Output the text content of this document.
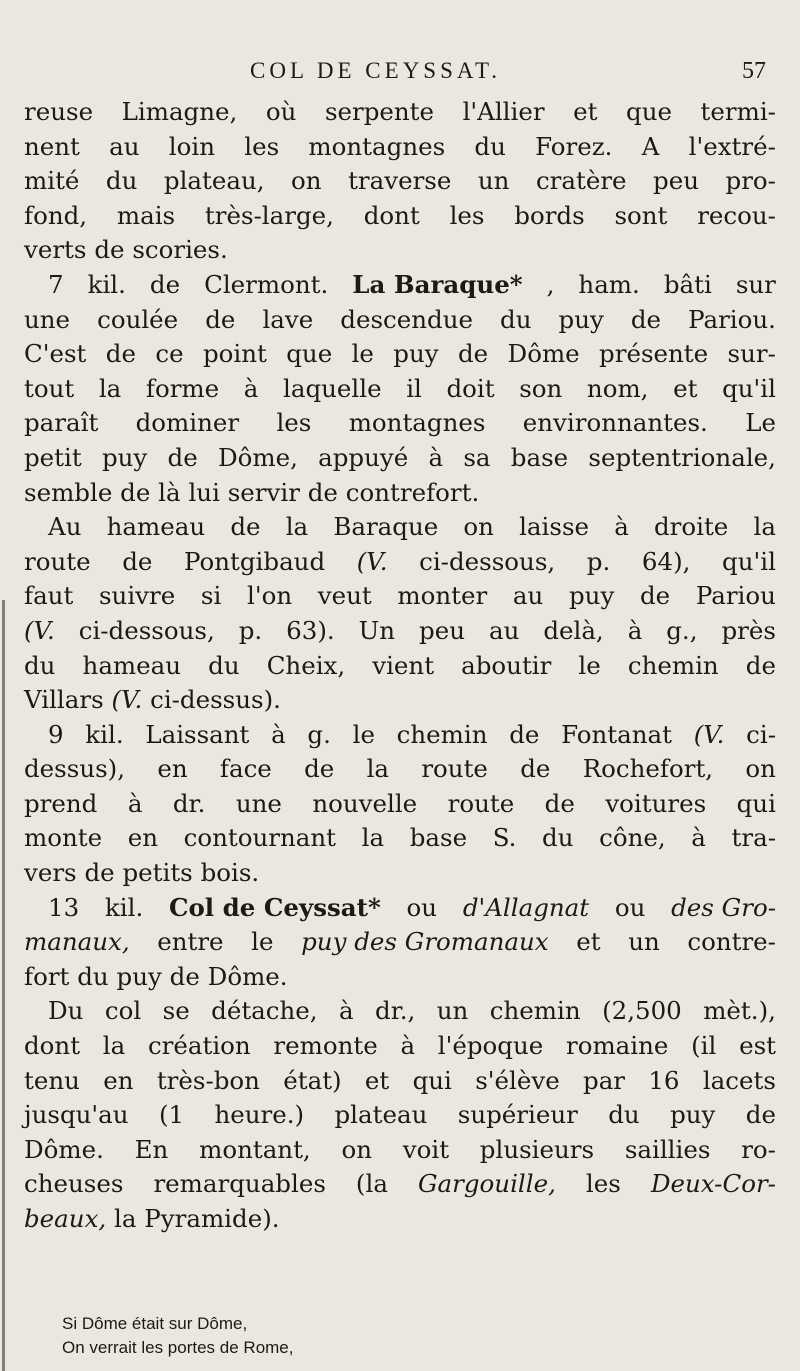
COL DE CEYSSAT.	57
reuse Limagne, où serpente l'Allier et que termi-
nent au loin les montagnes du Forez. A l'extré-
mité du plateau, on traverse un cratère peu pro-
fond, mais très-large, dont les bords sont recou-
verts de scories.
7 kil. de Clermont. La Baraque* , ham. bâti sur
une coulée de lave descendue du puy de Pariou.
C'est de ce point que le puy de Dôme présente sur-
tout la forme à laquelle il doit son nom, et qu'il
paraît dominer les montagnes environnantes. Le
petit puy de Dôme, appuyé à sa base septentrionale,
semble de là lui servir de contrefort.
Au hameau de la Baraque on laisse à droite la
route de Pontgibaud (V. ci-dessous, p. 64), qu'il
faut suivre si l'on veut monter au puy de Pariou
(V. ci-dessous, p. 63). Un peu au delà, à g., près
du hameau du Cheix, vient aboutir le chemin de
Villars (V. ci-dessus).
9 kil. Laissant à g. le chemin de Fontanat (V. ci-
dessus), en face de la route de Rochefort, on
prend à dr. une nouvelle route de voitures qui
monte en contournant la base S. du cône, à tra-
vers de petits bois.
13 kil. Col de Ceyssat* ou d'Allagnat ou des Gro-
manaux, entre le puy des Gromanaux et un contre-
fort du puy de Dôme.
Du col se détache, à dr., un chemin (2,500 mèt.),
dont la création remonte à l'époque romaine (il est
tenu en très-bon état) et qui s'élève par 16 lacets
jusqu'au (1 heure.) plateau supérieur du puy de
Dôme. En montant, on voit plusieurs saillies ro-
cheuses remarquables (la Gargouille, les Deux-Cor-
beaux, la Pyramide).
Si Dôme était sur Dôme,
On verrait les portes de Rome,
